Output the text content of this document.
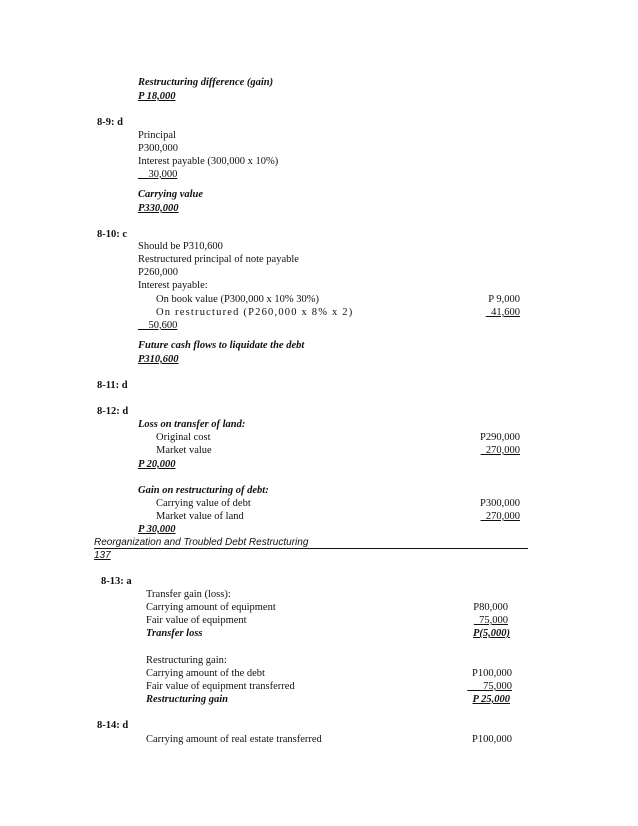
Restructuring difference (gain)
P 18,000
8-9: d
Principal
P300,000
Interest payable (300,000 x 10%)
__30,000
Carrying value
P330,000
8-10: c
Should be P310,600
Restructured principal of note payable
P260,000
Interest payable:
On book value (P300,000 x 10% 30%)	P 9,000
On restructured (P260,000 x 8% x 2)	_41,600
__50,600
Future cash flows to liquidate the debt
P310,600
8-11: d
8-12: d
Loss on transfer of land:
Original cost	P290,000
Market value	_270,000
P 20,000
Gain on restructuring of debt:
Carrying value of debt	P300,000
Market value of land	_270,000
P 30,000
Reorganization and Troubled Debt Restructuring
137
8-13: a
Transfer gain (loss):
Carrying amount of equipment	P80,000
Fair value of equipment	_75,000
Transfer loss	P(5,000)
Restructuring gain:
Carrying amount of the debt	P100,000
Fair value of equipment transferred	___75,000
Restructuring gain	P 25,000
8-14: d
Carrying amount of real estate transferred	P100,000
